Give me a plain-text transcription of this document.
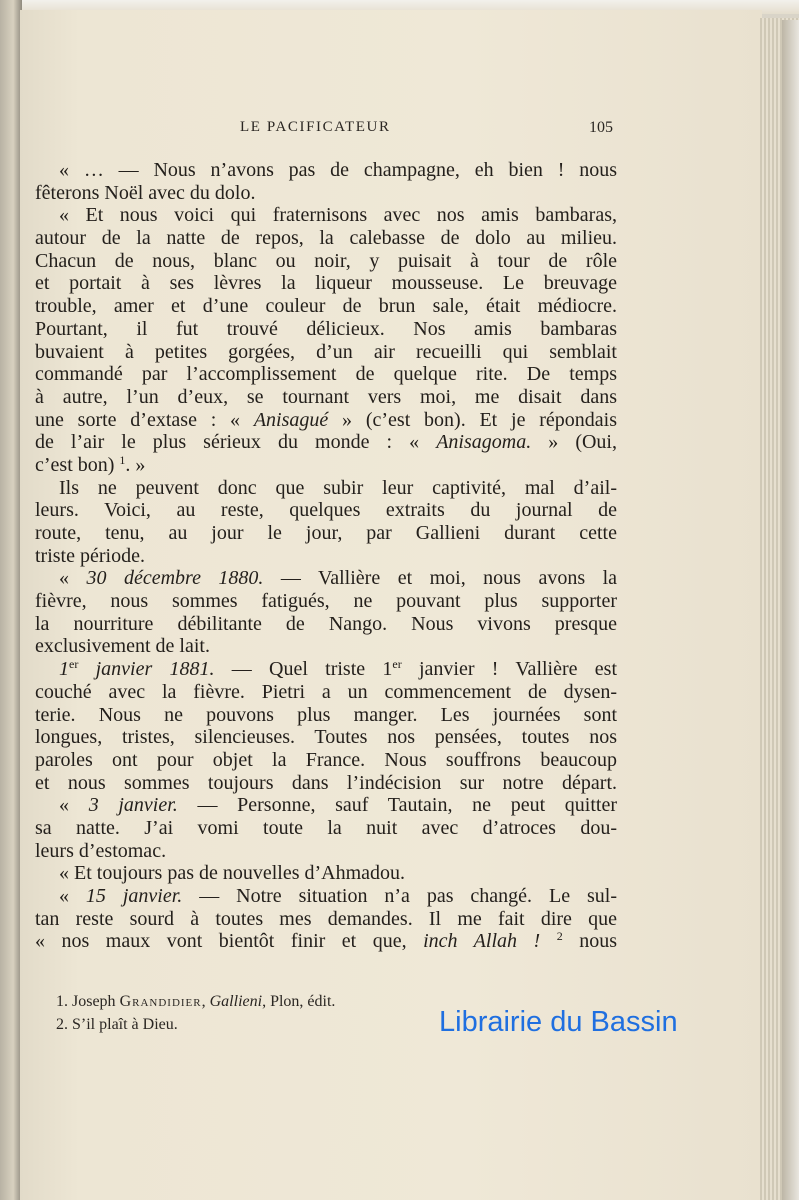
LE PACIFICATEUR	105
« … — Nous n’avons pas de champagne, eh bien ! nous
fêterons Noël avec du dolo.
« Et nous voici qui fraternisons avec nos amis bambaras,
autour de la natte de repos, la calebasse de dolo au milieu.
Chacun de nous, blanc ou noir, y puisait à tour de rôle
et portait à ses lèvres la liqueur mousseuse. Le breuvage
trouble, amer et d’une couleur de brun sale, était médiocre.
Pourtant, il fut trouvé délicieux. Nos amis bambaras
buvaient à petites gorgées, d’un air recueilli qui semblait
commandé par l’accomplissement de quelque rite. De temps
à autre, l’un d’eux, se tournant vers moi, me disait dans
une sorte d’extase : « Anisagué » (c’est bon). Et je répondais
de l’air le plus sérieux du monde : « Anisagoma. » (Oui,
c’est bon) $^1$. »
Ils ne peuvent donc que subir leur captivité, mal d’ail-
leurs. Voici, au reste, quelques extraits du journal de
route, tenu, au jour le jour, par Gallieni durant cette
triste période.
« 30 décembre 1880. — Vallière et moi, nous avons la
fièvre, nous sommes fatigués, ne pouvant plus supporter
la nourriture débilitante de Nango. Nous vivons presque
exclusivement de lait.
1er janvier 1881. — Quel triste 1er janvier ! Vallière est
couché avec la fièvre. Pietri a un commencement de dysen-
terie. Nous ne pouvons plus manger. Les journées sont
longues, tristes, silencieuses. Toutes nos pensées, toutes nos
paroles ont pour objet la France. Nous souffrons beaucoup
et nous sommes toujours dans l’indécision sur notre départ.
« 3 janvier. — Personne, sauf Tautain, ne peut quitter
sa natte. J’ai vomi toute la nuit avec d’atroces dou-
leurs d’estomac.
« Et toujours pas de nouvelles d’Ahmadou.
« 15 janvier. — Notre situation n’a pas changé. Le sul-
tan reste sourd à toutes mes demandes. Il me fait dire que
« nos maux vont bientôt finir et que, inch Allah ! $^2$ nous
1. Joseph Grandidier, Gallieni, Plon, édit.
2. S’il plaît à Dieu.	Librairie du Bassin
